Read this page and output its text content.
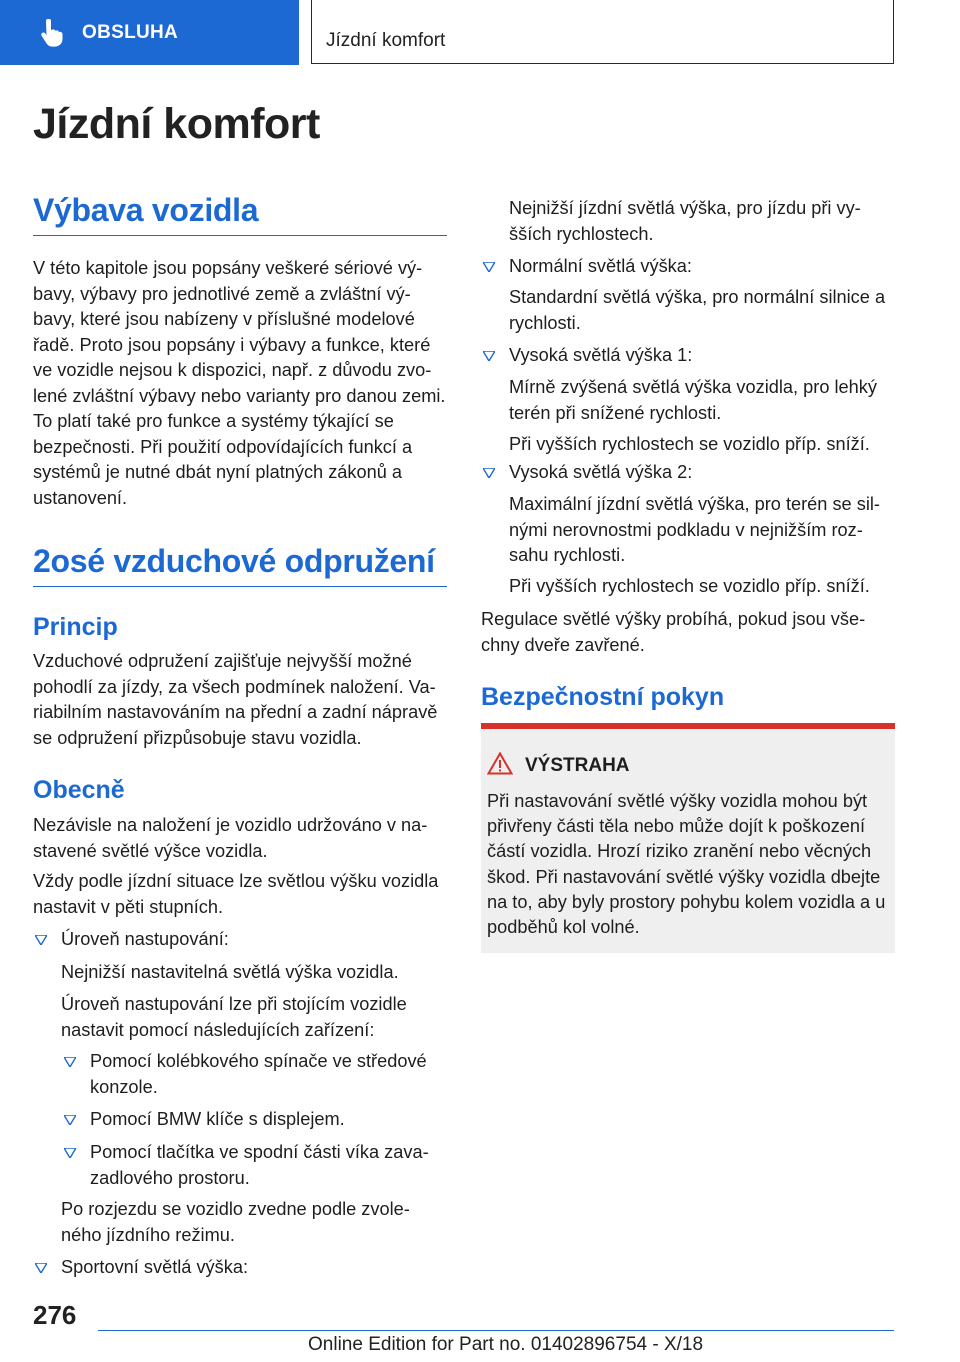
OBSLUHA	Jízdní komfort
Jízdní komfort
Výbava vozidla

V této kapitole jsou popsány veškeré sériové vý-bavy, výbavy pro jednotlivé země a zvláštní vý-bavy, které jsou nabízeny v příslušné modelové řadě. Proto jsou popsány i výbavy a funkce, které ve vozidle nejsou k dispozici, např. z důvodu zvo-lené zvláštní výbavy nebo varianty pro danou zemi. To platí také pro funkce a systémy týkající se bezpečnosti. Při použití odpovídajících funkcí a systémů je nutné dbát nyní platných zákonů a ustanovení.

2osé vzduchové odpružení
Princip

Vzduchové odpružení zajišťuje nejvyšší možné pohodlí za jízdy, za všech podmínek naložení. Va-riabilním nastavováním na přední a zadní nápravě se odpružení přizpůsobuje stavu vozidla.

Obecně

Nezávisle na naložení je vozidlo udržováno v na-stavené světlé výšce vozidla.

Vždy podle jízdní situace lze světlou výšku vozidla nastavit v pěti stupních.

Úroveň nastupování:
Nejnižší nastavitelná světlá výška vozidla.
Úroveň nastupování lze při stojícím vozidle nastavit pomocí následujících zařízení:
Pomocí kolébkového spínače ve středové konzole.
Pomocí BMW klíče s displejem.
Pomocí tlačítka ve spodní části víka zava-zadlového prostoru.
Po rozjezdu se vozidlo zvedne podle zvole-ného jízdního režimu.
Sportovní světlá výška:
Nejnižší jízdní světlá výška, pro jízdu při vy-šších rychlostech.
Normální světlá výška:
Standardní světlá výška, pro normální silnice a rychlosti.
Vysoká světlá výška 1:
Mírně zvýšená světlá výška vozidla, pro lehký terén při snížené rychlosti.
Při vyšších rychlostech se vozidlo příp. sníží.
Vysoká světlá výška 2:
Maximální jízdní světlá výška, pro terén se sil-nými nerovnostmi podkladu v nejnižším roz-sahu rychlosti.
Při vyšších rychlostech se vozidlo příp. sníží.

Regulace světlé výšky probíhá, pokud jsou vše-chny dveře zavřené.

Bezpečnostní pokyn
VÝSTRAHA
Při nastavování světlé výšky vozidla mohou být přivřeny části těla nebo může dojít k poškození částí vozidla. Hrozí riziko zranění nebo věcných škod. Při nastavování světlé výšky vozidla dbejte na to, aby byly prostory pohybu kolem vozidla a u podběhů kol volné.
276
Online Edition for Part no. 01402896754 - X/18
